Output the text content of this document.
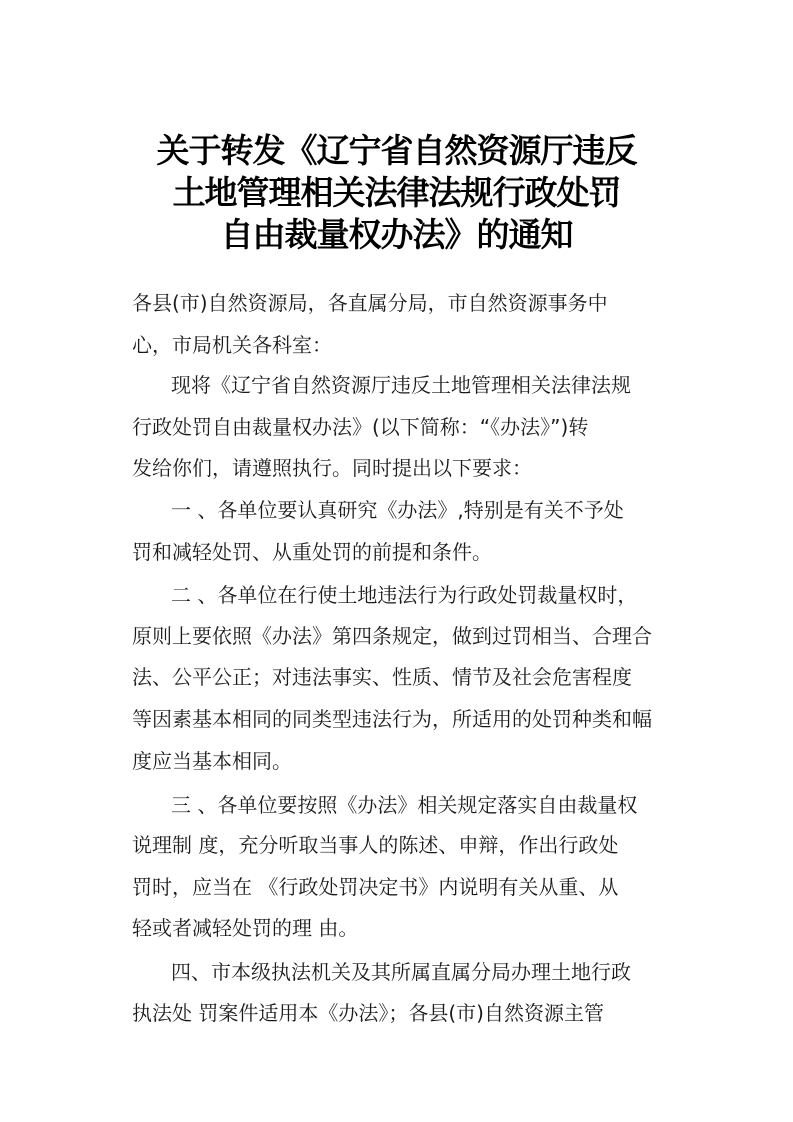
关于转发《辽宁省自然资源厅违反
土地管理相关法律法规行政处罚
自由裁量权办法》的通知
各县(市)自然资源局，各直属分局，市自然资源事务中
心，市局机关各科室：
现将《辽宁省自然资源厅违反土地管理相关法律法规
行政处罚自由裁量权办法》(以下简称：“《办法》”)转
发给你们，请遵照执行。同时提出以下要求：
一 、各单位要认真研究《办法》,特别是有关不予处
罚和减轻处罚、从重处罚的前提和条件。
二 、各单位在行使土地违法行为行政处罚裁量权时，
原则上要依照《办法》第四条规定，做到过罚相当、合理合
法、公平公正；对违法事实、性质、情节及社会危害程度
等因素基本相同的同类型违法行为，所适用的处罚种类和幅
度应当基本相同。
三 、各单位要按照《办法》相关规定落实自由裁量权
说理制 度，充分听取当事人的陈述、申辩，作出行政处
罚时，应当在 《行政处罚决定书》内说明有关从重、从
轻或者减轻处罚的理 由。
四、市本级执法机关及其所属直属分局办理土地行政
执法处 罚案件适用本《办法》；各县(市)自然资源主管
